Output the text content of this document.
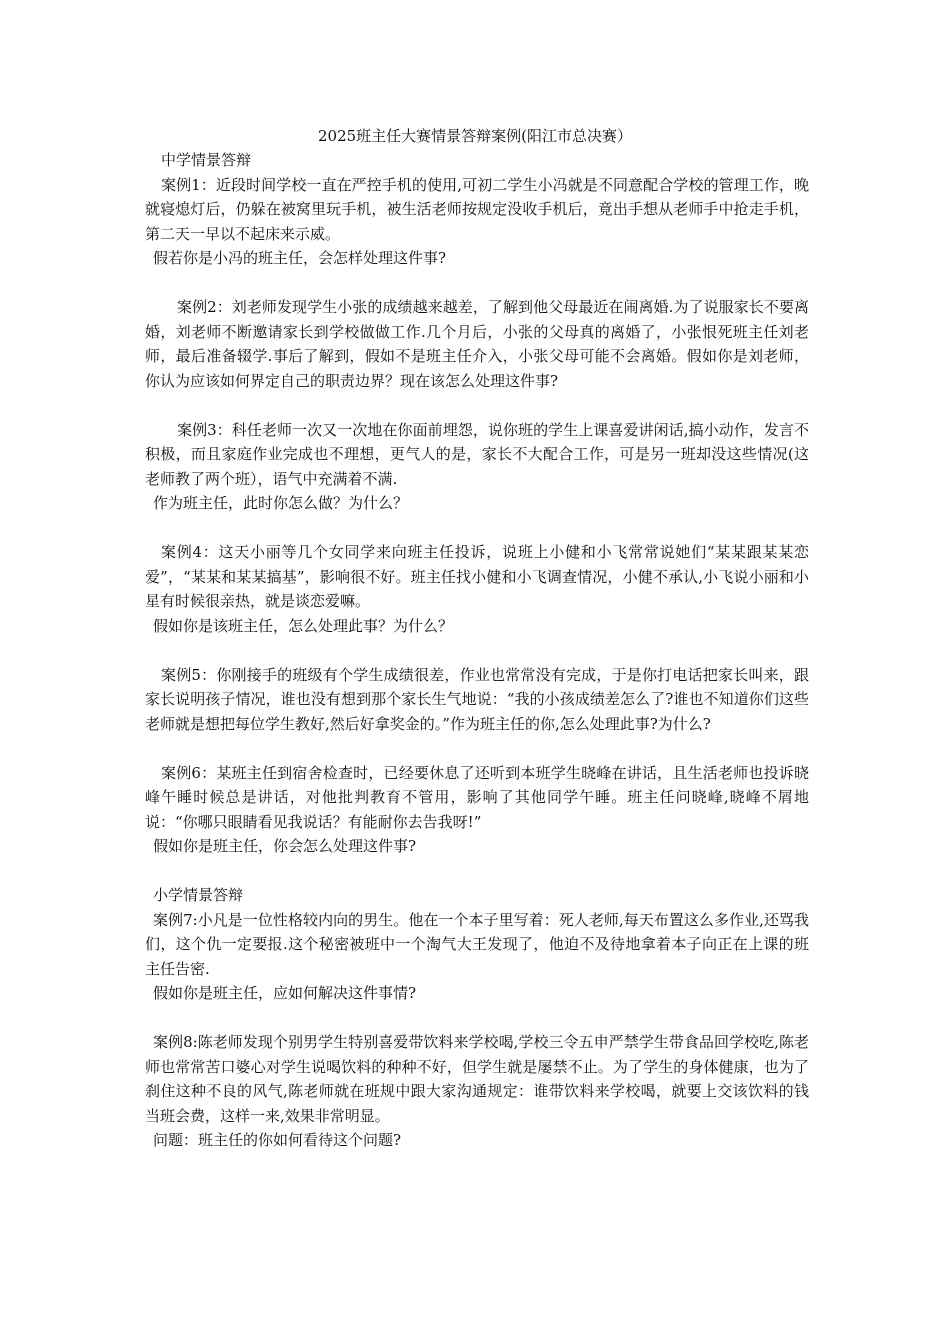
2025班主任大赛情景答辩案例(阳江市总决赛）

中学情景答辩

案例1：近段时间学校一直在严控手机的使用,可初二学生小冯就是不同意配合学校的管理工作，晚就寝熄灯后，仍躲在被窝里玩手机，被生活老师按规定没收手机后，竟出手想从老师手中抢走手机，第二天一早以不起床来示威。

假若你是小冯的班主任，会怎样处理这件事?

案例2：刘老师发现学生小张的成绩越来越差，了解到他父母最近在闹离婚.为了说服家长不要离婚，刘老师不断邀请家长到学校做做工作.几个月后，小张的父母真的离婚了，小张恨死班主任刘老师，最后准备辍学.事后了解到，假如不是班主任介入，小张父母可能不会离婚。假如你是刘老师，你认为应该如何界定自己的职责边界？现在该怎么处理这件事?

案例3：科任老师一次又一次地在你面前埋怨，说你班的学生上课喜爱讲闲话,搞小动作，发言不积极，而且家庭作业完成也不理想，更气人的是，家长不大配合工作，可是另一班却没这些情况(这老师教了两个班），语气中充满着不满.

作为班主任，此时你怎么做？为什么？

案例4：这天小丽等几个女同学来向班主任投诉，说班上小健和小飞常常说她们“某某跟某某恋爱”，“某某和某某搞基”，影响很不好。班主任找小健和小飞调查情况，小健不承认,小飞说小丽和小星有时候很亲热，就是谈恋爱嘛。

假如你是该班主任，怎么处理此事？为什么？

案例5：你刚接手的班级有个学生成绩很差，作业也常常没有完成，于是你打电话把家长叫来，跟家长说明孩子情况，谁也没有想到那个家长生气地说：“我的小孩成绩差怎么了?谁也不知道你们这些老师就是想把每位学生教好,然后好拿奖金的。”作为班主任的你,怎么处理此事?为什么?

案例6：某班主任到宿舍检查时，已经要休息了还听到本班学生晓峰在讲话，且生活老师也投诉晓峰午睡时候总是讲话，对他批判教育不管用，影响了其他同学午睡。班主任问晓峰,晓峰不屑地说：“你哪只眼睛看见我说话？有能耐你去告我呀!”

假如你是班主任，你会怎么处理这件事?

小学情景答辩

案例7:小凡是一位性格较内向的男生。他在一个本子里写着：死人老师,每天布置这么多作业,还骂我们，这个仇一定要报.这个秘密被班中一个淘气大王发现了，他迫不及待地拿着本子向正在上课的班主任告密.

假如你是班主任，应如何解决这件事情?

案例8:陈老师发现个别男学生特别喜爱带饮料来学校喝,学校三令五申严禁学生带食品回学校吃,陈老师也常常苦口婆心对学生说喝饮料的种种不好，但学生就是屡禁不止。为了学生的身体健康，也为了刹住这种不良的风气,陈老师就在班规中跟大家沟通规定：谁带饮料来学校喝，就要上交该饮料的钱当班会费，这样一来,效果非常明显。

问题：班主任的你如何看待这个问题?
